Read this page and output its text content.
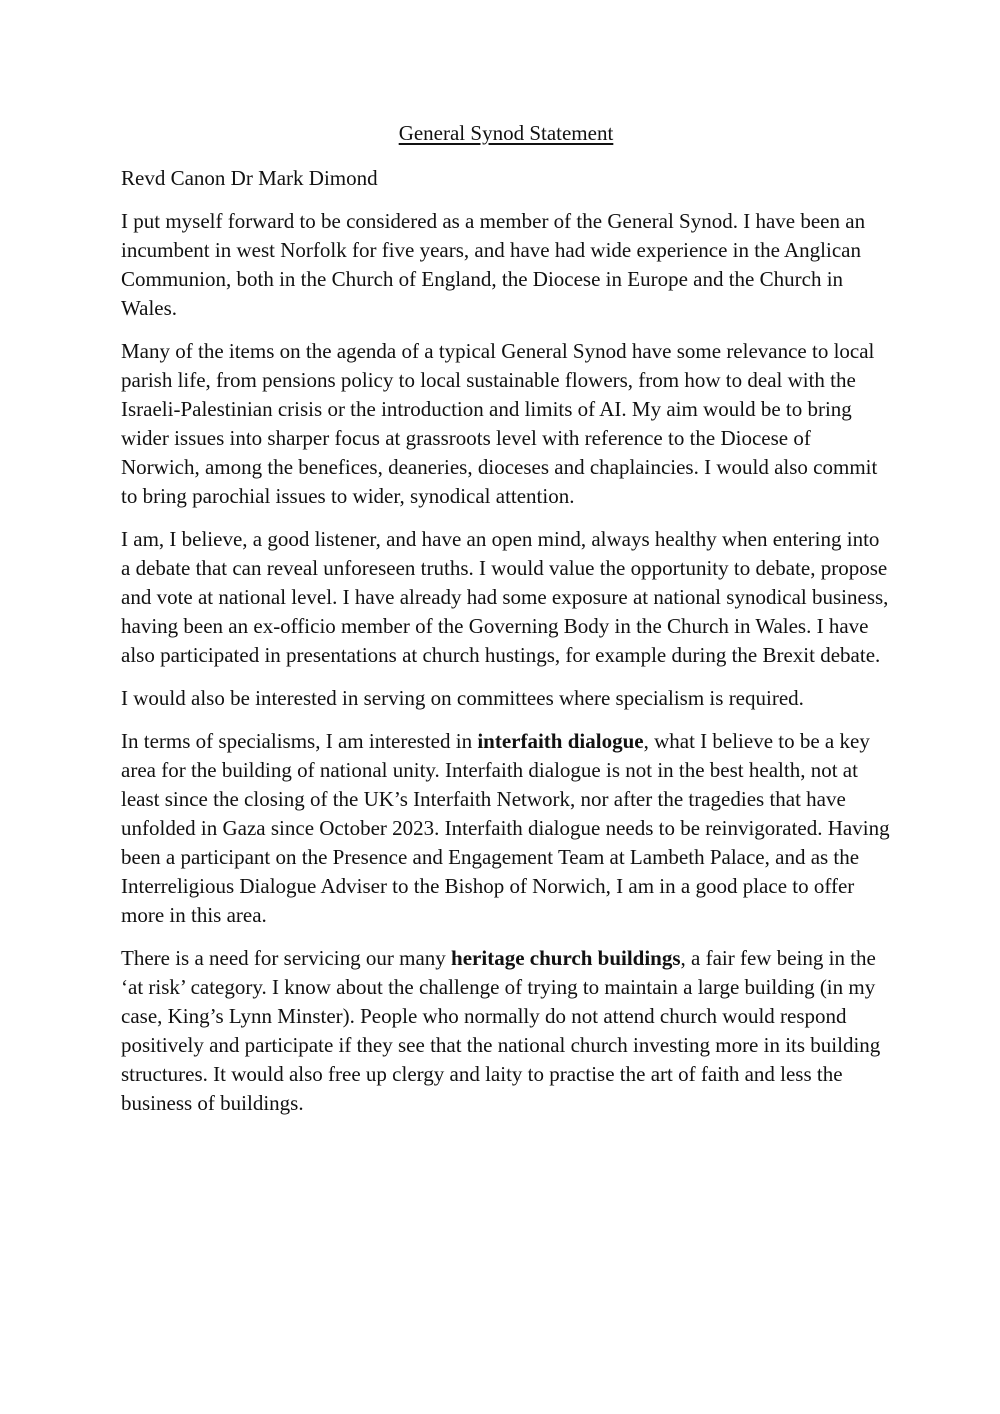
General Synod Statement

Revd Canon Dr Mark Dimond

I put myself forward to be considered as a member of the General Synod. I have been an incumbent in west Norfolk for five years, and have had wide experience in the Anglican Communion, both in the Church of England, the Diocese in Europe and the Church in Wales.

Many of the items on the agenda of a typical General Synod have some relevance to local parish life, from pensions policy to local sustainable flowers, from how to deal with the Israeli-Palestinian crisis or the introduction and limits of AI. My aim would be to bring wider issues into sharper focus at grassroots level with reference to the Diocese of Norwich, among the benefices, deaneries, dioceses and chaplaincies. I would also commit to bring parochial issues to wider, synodical attention.

I am, I believe, a good listener, and have an open mind, always healthy when entering into a debate that can reveal unforeseen truths. I would value the opportunity to debate, propose and vote at national level. I have already had some exposure at national synodical business, having been an ex-officio member of the Governing Body in the Church in Wales. I have also participated in presentations at church hustings, for example during the Brexit debate.

I would also be interested in serving on committees where specialism is required.

In terms of specialisms, I am interested in interfaith dialogue, what I believe to be a key area for the building of national unity. Interfaith dialogue is not in the best health, not at least since the closing of the UK’s Interfaith Network, nor after the tragedies that have unfolded in Gaza since October 2023. Interfaith dialogue needs to be reinvigorated. Having been a participant on the Presence and Engagement Team at Lambeth Palace, and as the Interreligious Dialogue Adviser to the Bishop of Norwich, I am in a good place to offer more in this area.

There is a need for servicing our many heritage church buildings, a fair few being in the ‘at risk’ category. I know about the challenge of trying to maintain a large building (in my case, King’s Lynn Minster). People who normally do not attend church would respond positively and participate if they see that the national church investing more in its building structures. It would also free up clergy and laity to practise the art of faith and less the business of buildings.
